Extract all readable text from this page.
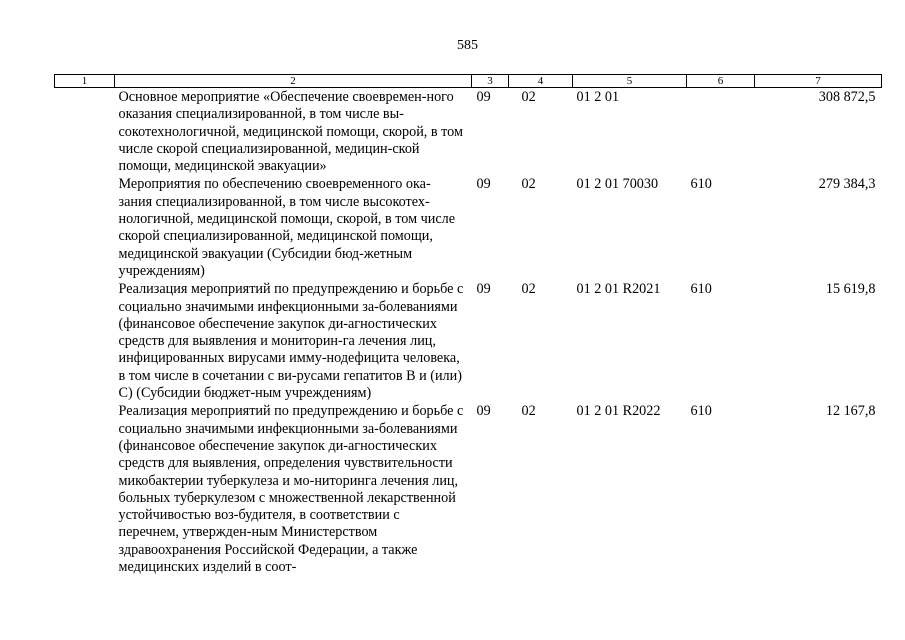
585
1	2	3	4	5	6	7
	Основное мероприятие «Обеспечение своевремен-ного оказания специализированной, в том числе вы-сокотехнологичной, медицинской помощи, скорой, в том числе скорой специализированной, медицин-ской помощи, медицинской эвакуации»	09	02	01 2 01		308 872,5
	Мероприятия по обеспечению своевременного ока-зания специализированной, в том числе высокотех-нологичной, медицинской помощи, скорой, в том числе скорой специализированной, медицинской помощи, медицинской эвакуации (Субсидии бюд-жетным учреждениям)	09	02	01 2 01 70030	610	279 384,3
	Реализация мероприятий по предупреждению и борьбе с социально значимыми инфекционными за-болеваниями (финансовое обеспечение закупок ди-агностических средств для выявления и мониторин-га лечения лиц, инфицированных вирусами имму-нодефицита человека, в том числе в сочетании с ви-русами гепатитов B и (или) C) (Субсидии бюджет-ным учреждениям)	09	02	01 2 01 R2021	610	15 619,8
	Реализация мероприятий по предупреждению и борьбе с социально значимыми инфекционными за-болеваниями (финансовое обеспечение закупок ди-агностических средств для выявления, определения чувствительности микобактерии туберкулеза и мо-ниторинга лечения лиц, больных туберкулезом с множественной лекарственной устойчивостью воз-будителя, в соответствии с перечнем, утвержден-ным Министерством здравоохранения Российской Федерации, а также медицинских изделий в соот-	09	02	01 2 01 R2022	610	12 167,8
